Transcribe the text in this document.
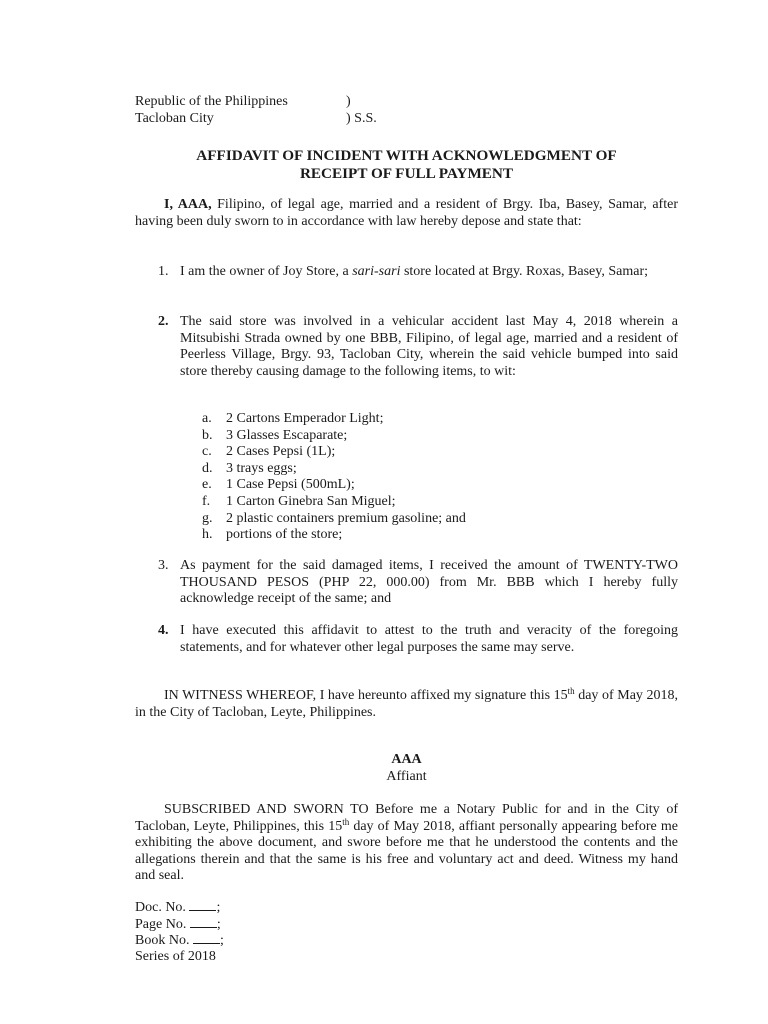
Republic of the Philippines	)
Tacloban City	) S.S.
AFFIDAVIT OF INCIDENT WITH ACKNOWLEDGMENT OF
RECEIPT OF FULL PAYMENT
I, AAA, Filipino, of legal age, married and a resident of Brgy. Iba, Basey, Samar, after having been duly sworn to in accordance with law hereby depose and state that:
1. I am the owner of Joy Store, a sari-sari store located at Brgy. Roxas, Basey, Samar;
2. The said store was involved in a vehicular accident last May 4, 2018 wherein a Mitsubishi Strada owned by one BBB, Filipino, of legal age, married and a resident of Peerless Village, Brgy. 93, Tacloban City, wherein the said vehicle bumped into said store thereby causing damage to the following items, to wit:
a. 2 Cartons Emperador Light;
b. 3 Glasses Escaparate;
c. 2 Cases Pepsi (1L);
d. 3 trays eggs;
e. 1 Case Pepsi (500mL);
f. 1 Carton Ginebra San Miguel;
g. 2 plastic containers premium gasoline; and
h. portions of the store;
3. As payment for the said damaged items, I received the amount of TWENTY-TWO THOUSAND PESOS (PHP 22, 000.00) from Mr. BBB which I hereby fully acknowledge receipt of the same; and
4. I have executed this affidavit to attest to the truth and veracity of the foregoing statements, and for whatever other legal purposes the same may serve.
IN WITNESS WHEREOF, I have hereunto affixed my signature this 15th day of May 2018, in the City of Tacloban, Leyte, Philippines.
AAA
Affiant
SUBSCRIBED AND SWORN TO Before me a Notary Public for and in the City of Tacloban, Leyte, Philippines, this 15th day of May 2018, affiant personally appearing before me exhibiting the above document, and swore before me that he understood the contents and the allegations therein and that the same is his free and voluntary act and deed. Witness my hand and seal.
Doc. No. ;
Page No. ;
Book No. ;
Series of 2018
